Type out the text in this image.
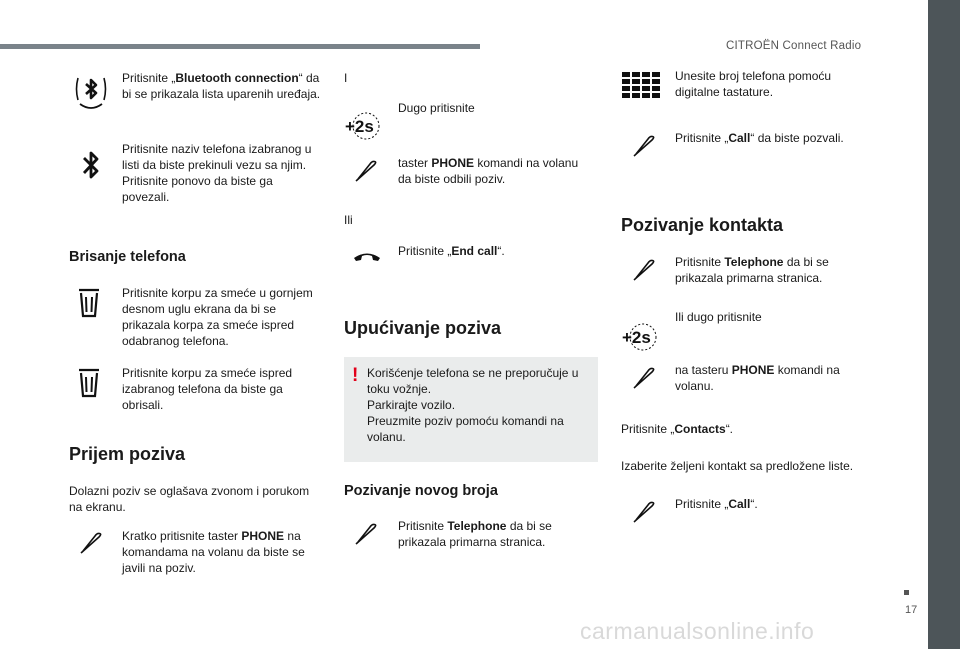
CITROËN Connect Radio
17
carmanualsonline.info
Pritisnite „Bluetooth connection“ da bi se prikazala lista uparenih uređaja.
Pritisnite naziv telefona izabranog u listi da biste prekinuli vezu sa njim. Pritisnite ponovo da biste ga povezali.
Brisanje telefona
Pritisnite korpu za smeće u gornjem desnom uglu ekrana da bi se prikazala korpa za smeće ispred odabranog telefona.
Pritisnite korpu za smeće ispred izabranog telefona da biste ga obrisali.
Prijem poziva
Dolazni poziv se oglašava zvonom i porukom na ekranu.
Kratko pritisnite taster PHONE na komandama na volanu da biste se javili na poziv.
I
+2s
Dugo pritisnite
taster PHONE komandi na volanu da biste odbili poziv.
Ili
Pritisnite „End call“.
Upućivanje poziva
! Korišćenje telefona se ne preporučuje u toku vožnje.
Parkirajte vozilo.
Preuzmite poziv pomoću komandi na volanu.
Pozivanje novog broja
Pritisnite Telephone da bi se prikazala primarna stranica.
Unesite broj telefona pomoću digitalne tastature.
Pritisnite „Call“ da biste pozvali.
Pozivanje kontakta
Pritisnite Telephone da bi se prikazala primarna stranica.
+2s
Ili dugo pritisnite
na tasteru PHONE komandi na volanu.
Pritisnite „Contacts“.
Izaberite željeni kontakt sa predložene liste.
Pritisnite „Call“.
